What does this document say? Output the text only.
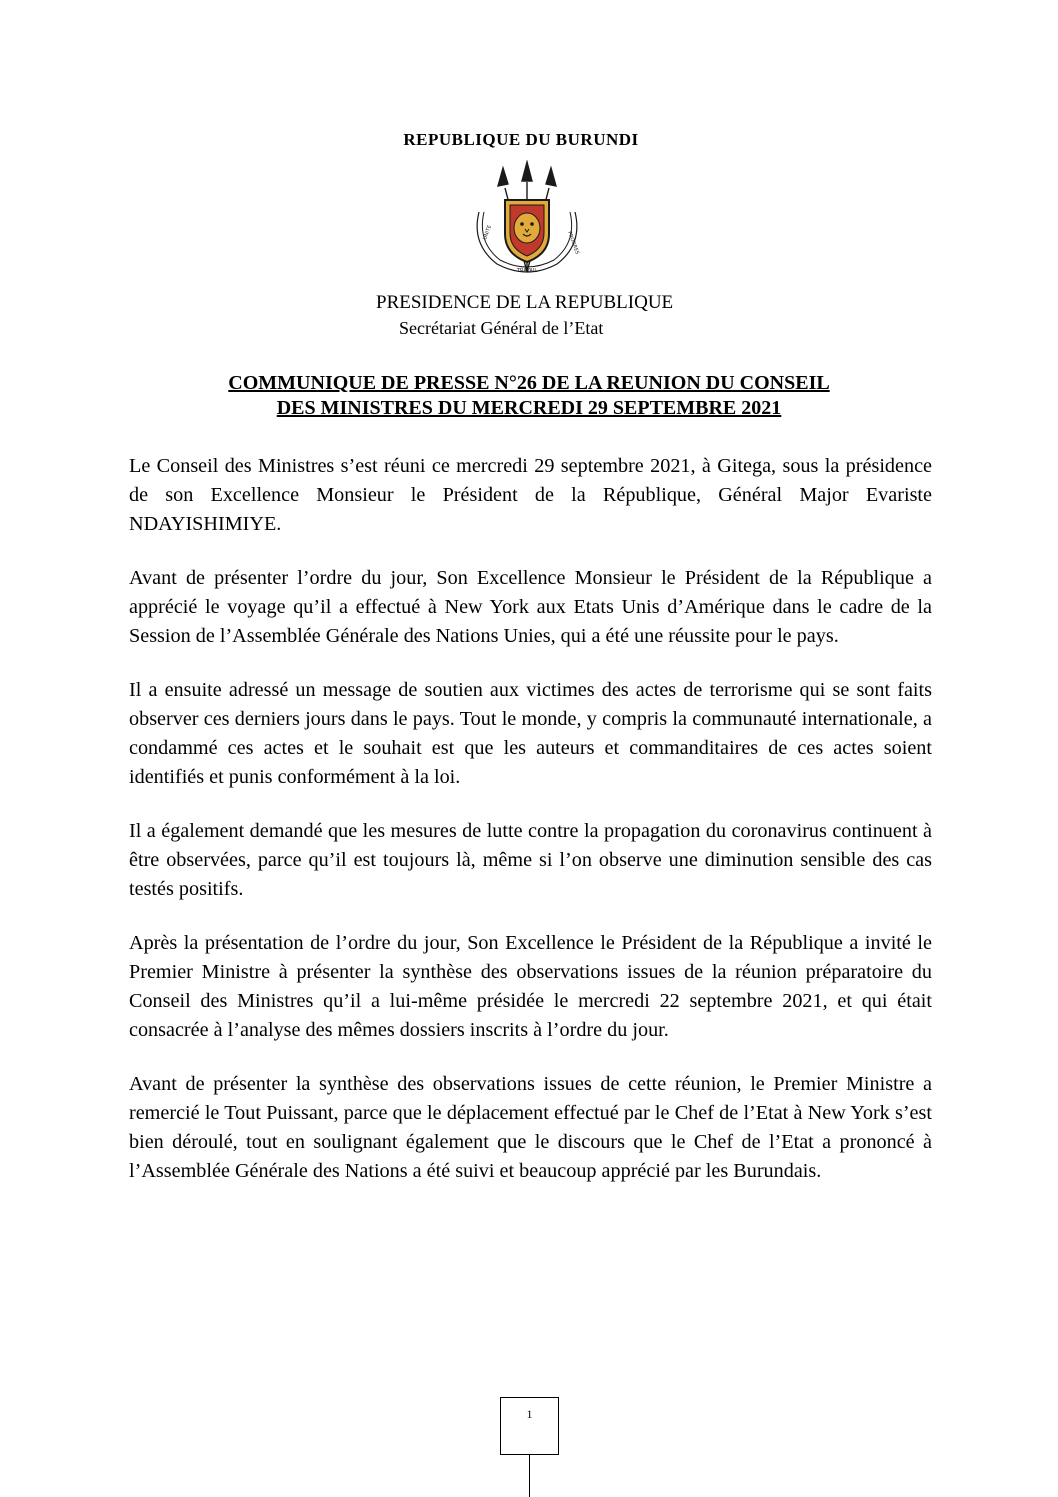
REPUBLIQUE DU BURUNDI
TRAVAIL
UNITE	PROGRES
PRESIDENCE DE LA REPUBLIQUE
Secrétariat Général de l’Etat
COMMUNIQUE DE PRESSE N°26 DE LA REUNION DU CONSEIL
DES MINISTRES DU MERCREDI 29 SEPTEMBRE 2021

Le Conseil des Ministres s’est réuni ce mercredi 29 septembre 2021, à Gitega, sous la présidence de son Excellence Monsieur le Président de la République, Général Major Evariste NDAYISHIMIYE.

Avant de présenter l’ordre du jour, Son Excellence Monsieur le Président de la République a apprécié le voyage qu’il a effectué à New York aux Etats Unis d’Amérique dans le cadre de la Session de l’Assemblée Générale des Nations Unies, qui a été une réussite pour le pays.

Il a ensuite adressé un message de soutien aux victimes des actes de terrorisme qui se sont faits observer ces derniers jours dans le pays. Tout le monde, y compris la communauté internationale, a condammé ces actes et le souhait est que les auteurs et commanditaires de ces actes soient identifiés et punis conformément à la loi.

Il a également demandé que les mesures de lutte contre la propagation du coronavirus continuent à être observées, parce qu’il est toujours là, même si l’on observe une diminution sensible des cas testés positifs.

Après la présentation de l’ordre du jour, Son Excellence le Président de la République a invité le Premier Ministre à présenter la synthèse des observations issues de la réunion préparatoire du Conseil des Ministres qu’il a lui-même présidée le mercredi 22 septembre 2021, et qui était consacrée à l’analyse des mêmes dossiers inscrits à l’ordre du jour.

Avant de présenter la synthèse des observations issues de cette réunion, le Premier Ministre a remercié le Tout Puissant, parce que le déplacement effectué par le Chef de l’Etat à New York s’est bien déroulé, tout en soulignant également que le discours que le Chef de l’Etat a prononcé à l’Assemblée Générale des Nations a été suivi et beaucoup apprécié par les Burundais.

1
